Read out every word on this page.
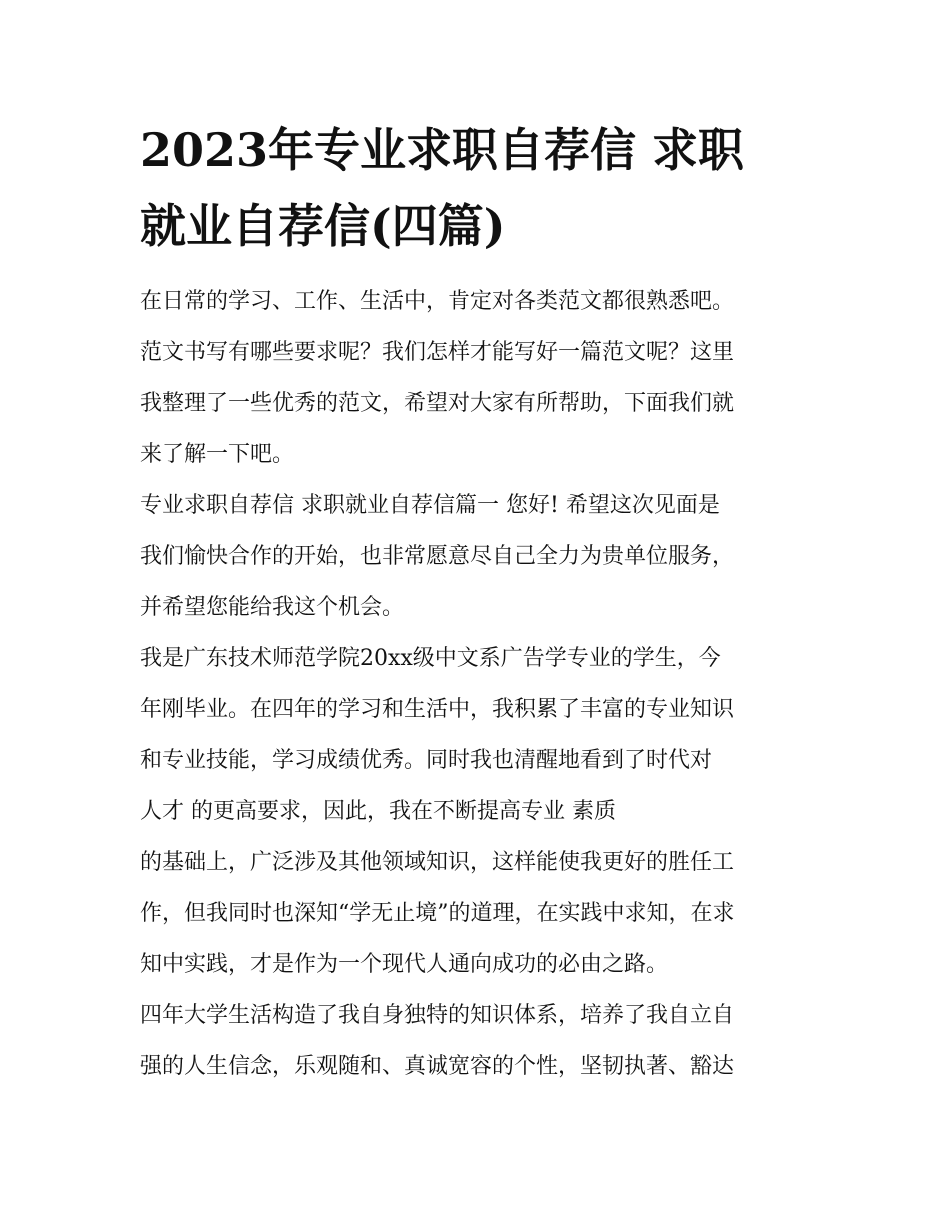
2023年专业求职自荐信 求职
就业自荐信(四篇)
在日常的学习、工作、生活中，肯定对各类范文都很熟悉吧。
范文书写有哪些要求呢？我们怎样才能写好一篇范文呢？这里
我整理了一些优秀的范文，希望对大家有所帮助，下面我们就
来了解一下吧。
专业求职自荐信 求职就业自荐信篇一 您好! 希望这次见面是
我们愉快合作的开始，也非常愿意尽自己全力为贵单位服务，
并希望您能给我这个机会。
我是广东技术师范学院20xx级中文系广告学专业的学生，今
年刚毕业。在四年的学习和生活中，我积累了丰富的专业知识
和专业技能，学习成绩优秀。同时我也清醒地看到了时代对
人才 的更高要求，因此，我在不断提高专业 素质
的基础上，广泛涉及其他领域知识，这样能使我更好的胜任工
作，但我同时也深知“学无止境”的道理，在实践中求知，在求
知中实践，才是作为一个现代人通向成功的必由之路。
四年大学生活构造了我自身独特的知识体系，培养了我自立自
强的人生信念，乐观随和、真诚宽容的个性，坚韧执著、豁达
